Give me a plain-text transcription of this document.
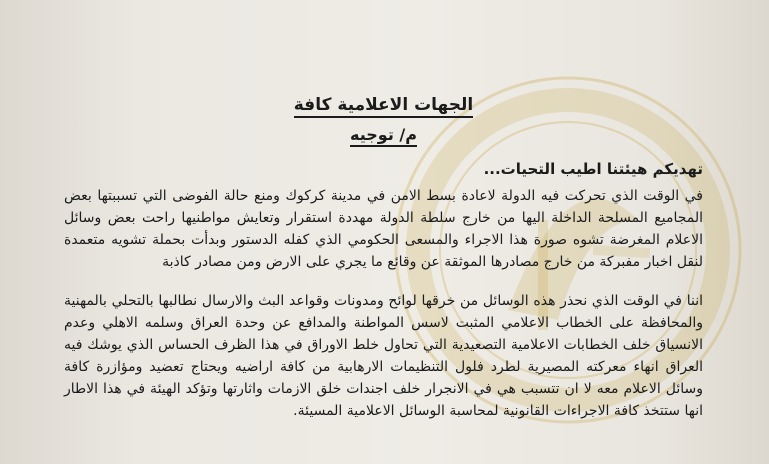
الجهات الاعلامية كافة
م/ توجيه
تهديكم هيئتنا اطيب التحيات...

في الوقت الذي تحركت فيه الدولة لاعادة بسط الامن في مدينة كركوك ومنع حالة الفوضى التي تسببتها بعض المجاميع المسلحة الداخلة اليها من خارج سلطة الدولة مهددة استقرار وتعايش مواطنيها راحت بعض وسائل الاعلام المغرضة تشوه صورة هذا الاجراء والمسعى الحكومي الذي كفله الدستور وبدأت بحملة تشويه متعمدة لنقل اخبار مفبركة من خارج مصادرها الموثقة عن وقائع ما يجري على الارض ومن مصادر كاذبة

اننا في الوقت الذي نحذر هذه الوسائل من خرقها لوائح ومدونات وقواعد البث والارسال نطالبها بالتحلي بالمهنية والمحافظة على الخطاب الاعلامي المثبت لاسس المواطنة والمدافع عن وحدة العراق وسلمه الاهلي وعدم الانسياق خلف الخطابات الاعلامية التصعيدية التي تحاول خلط الاوراق في هذا الظرف الحساس الذي يوشك فيه العراق انهاء معركته المصيرية لطرد فلول التنظيمات الارهابية من كافة اراضيه ويحتاج تعضيد ومؤازرة كافة وسائل الاعلام معه لا ان تتسبب هي في الانجرار خلف اجندات خلق الازمات واثارتها وتؤكد الهيئة في هذا الاطار انها ستتخذ كافة الاجراءات القانونية لمحاسبة الوسائل الاعلامية المسيئة.
